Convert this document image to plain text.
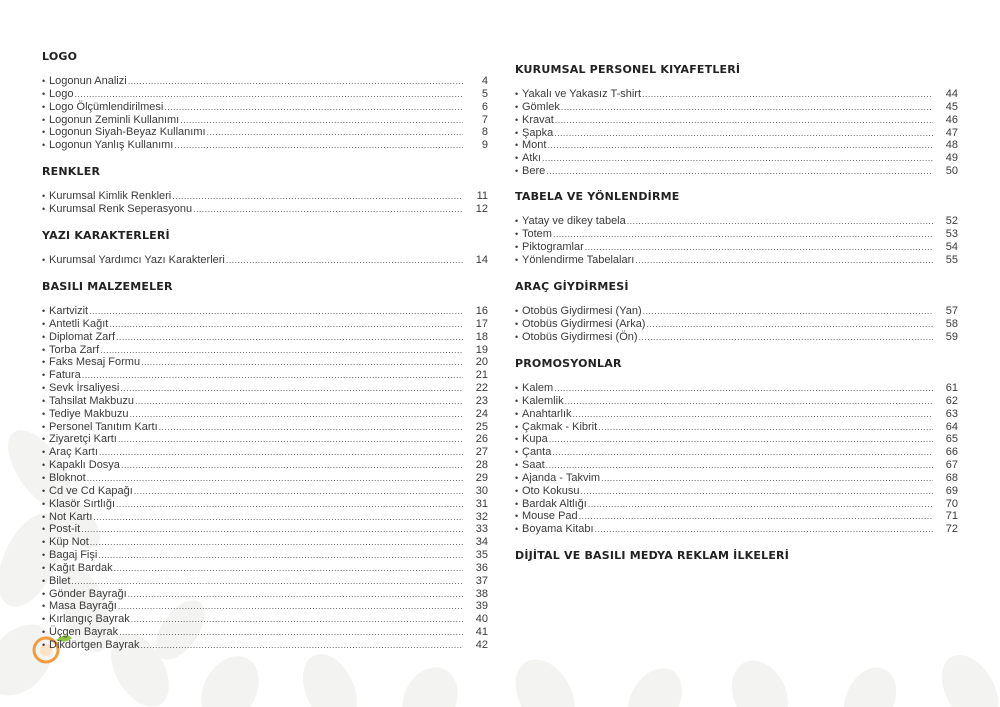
LOGO
• Logonun Analizi .....	4
• Logo .....	5
• Logo Ölçümlendirilmesi .....	6
• Logonun Zeminli Kullanımı .....	7
• Logonun Siyah-Beyaz Kullanımı .....	8
• Logonun Yanlış Kullanımı .....	9
RENKLER
• Kurumsal Kimlik Renkleri .....	11
• Kurumsal Renk Seperasyonu .....	12
YAZI KARAKTERLERİ
• Kurumsal Yardımcı Yazı Karakterleri .....	14
BASILI MALZEMELER
• Kartvizit .....	16
• Antetli Kağıt .....	17
• Diplomat Zarf .....	18
• Torba Zarf .....	19
• Faks Mesaj Formu .....	20
• Fatura .....	21
• Sevk İrsaliyesi .....	22
• Tahsilat Makbuzu .....	23
• Tediye Makbuzu .....	24
• Personel Tanıtım Kartı .....	25
• Ziyaretçi Kartı .....	26
• Araç Kartı .....	27
• Kapaklı Dosya .....	28
• Bloknot .....	29
• Cd ve Cd Kapağı .....	30
• Klasör Sırtlığı .....	31
• Not Kartı .....	32
• Post-it .....	33
• Küp Not .....	34
• Bagaj Fişi .....	35
• Kağıt Bardak .....	36
• Bilet .....	37
• Gönder Bayrağı .....	38
• Masa Bayrağı .....	39
• Kırlangıç Bayrak .....	40
• Üçgen Bayrak .....	41
• Dikdörtgen Bayrak .....	42
KURUMSAL PERSONEL KIYAFETLERİ
• Yakalı ve Yakasız T-shirt .....	44
• Gömlek .....	45
• Kravat .....	46
• Şapka .....	47
• Mont .....	48
• Atkı .....	49
• Bere .....	50
TABELA VE YÖNLENDİRME
• Yatay ve dikey tabela .....	52
• Totem .....	53
• Piktogramlar .....	54
• Yönlendirme Tabelaları .....	55
ARAÇ GİYDİRMESİ
• Otobüs Giydirmesi (Yan) .....	57
• Otobüs Giydirmesi (Arka) .....	58
• Otobüs Giydirmesi (Ön) .....	59
PROMOSYONLAR
• Kalem .....	61
• Kalemlik .....	62
• Anahtarlık .....	63
• Çakmak - Kibrit .....	64
• Kupa .....	65
• Çanta .....	66
• Saat .....	67
• Ajanda - Takvim .....	68
• Oto Kokusu .....	69
• Bardak Altlığı .....	70
• Mouse Pad .....	71
• Boyama Kitabı .....	72
DİJİTAL VE BASILI MEDYA REKLAM İLKELERİ
